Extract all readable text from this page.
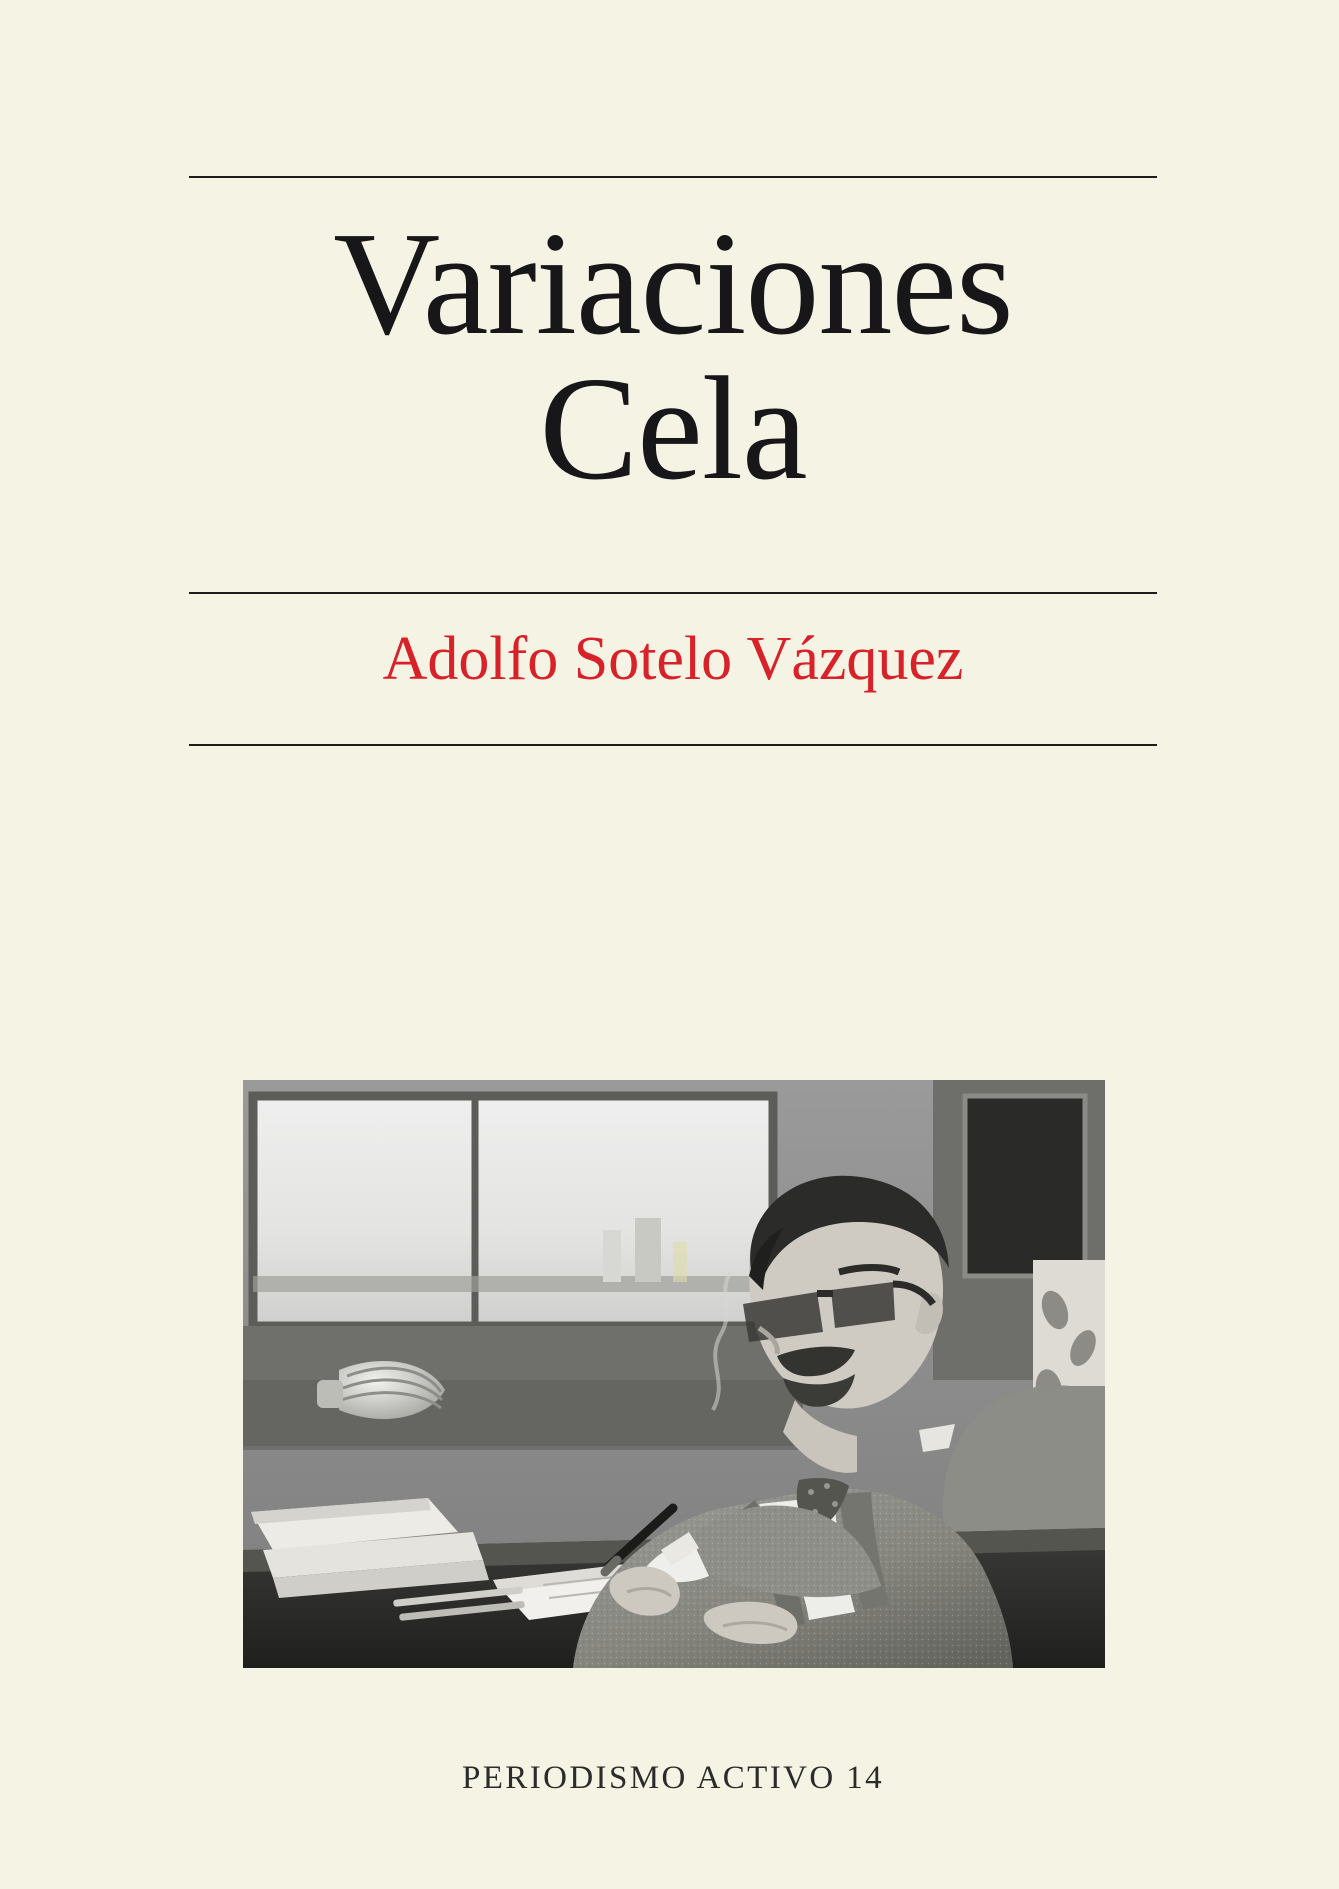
Variaciones
Cela
Adolfo Sotelo Vázquez
PERIODISMO ACTIVO 14
